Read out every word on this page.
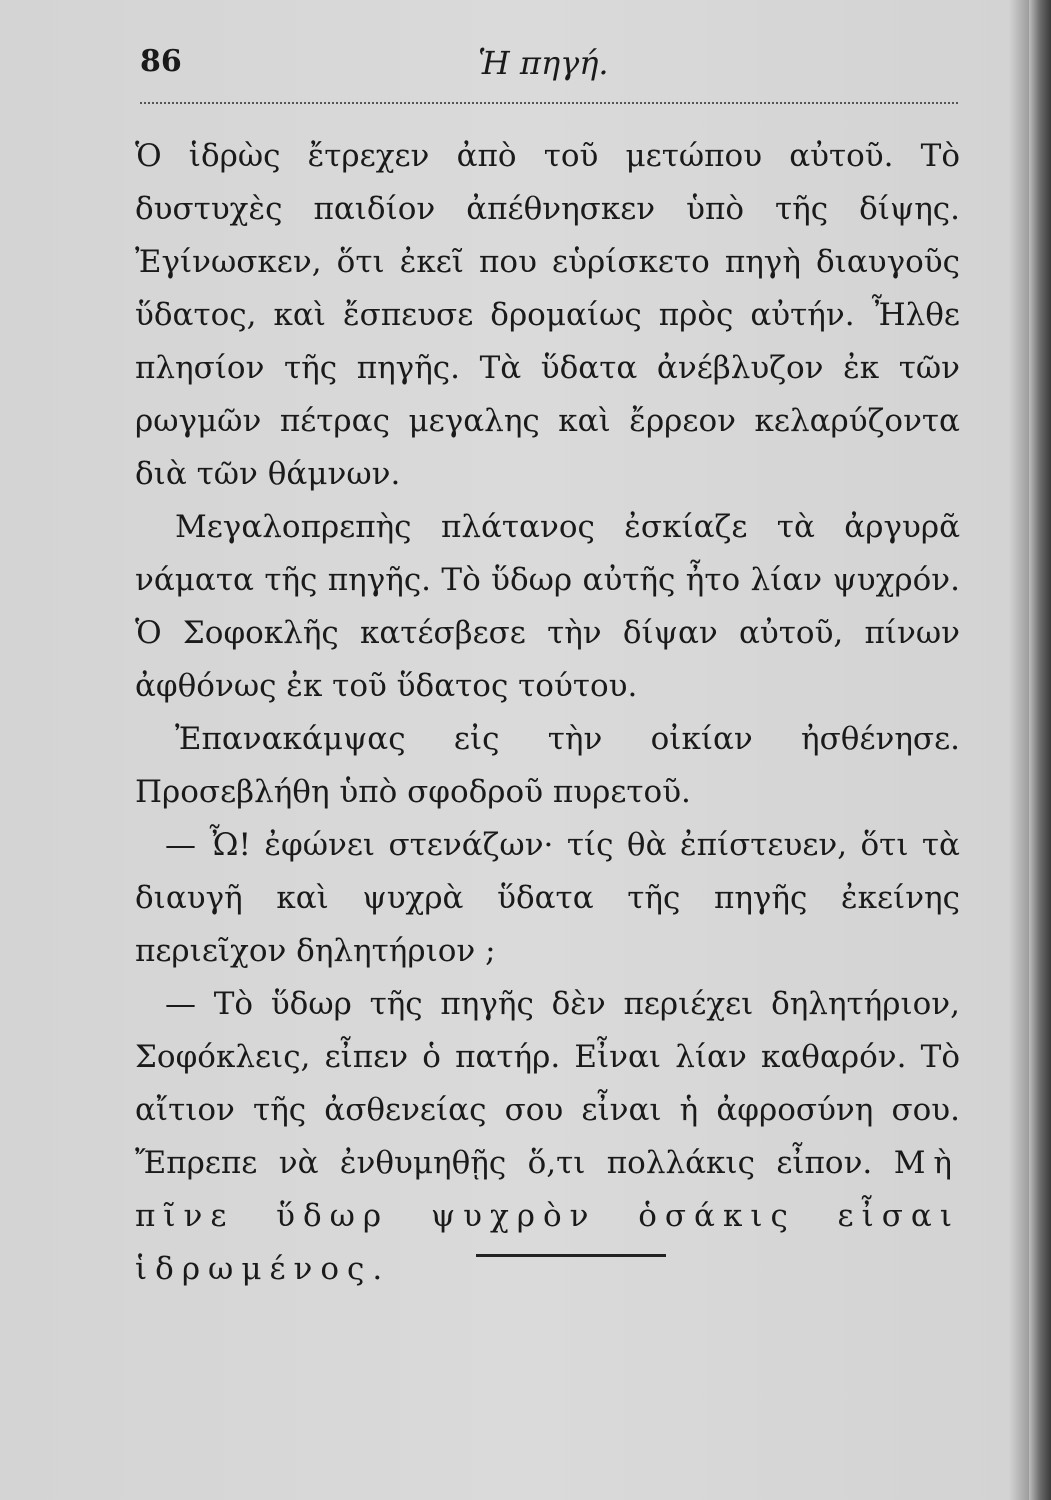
86	Ἡ πηγή.

Ὁ ἱδρὼς ἔτρεχεν ἀπὸ τοῦ μετώπου αὐτοῦ. Τὸ δυστυχὲς παιδίον ἀπέθνησκεν ὑπὸ τῆς δίψης. Ἐγίνωσκεν, ὅτι ἐκεῖ που εὑρίσκετο πηγὴ διαυγοῦς ὕδατος, καὶ ἔσπευσε δρομαίως πρὸς αὐτήν. Ἦλθε πλησίον τῆς πηγῆς. Τὰ ὕδατα ἀνέβλυζον ἐκ τῶν ρωγμῶν πέτρας μεγαλης καὶ ἔρρεον κελαρύζοντα διὰ τῶν θάμνων.

Μεγαλοπρεπὴς πλάτανος ἐσκίαζε τὰ ἀργυρᾶ νάματα τῆς πηγῆς. Τὸ ὕδωρ αὐτῆς ἦτο λίαν ψυχρόν. Ὁ Σοφοκλῆς κατέσβεσε τὴν δίψαν αὐτοῦ, πίνων ἀφθόνως ἐκ τοῦ ὕδατος τούτου.

Ἐπανακάμψας εἰς τὴν οἰκίαν ἠσθένησε. Προσεβλήθη ὑπὸ σφοδροῦ πυρετοῦ.

— Ὦ! ἐφώνει στενάζων· τίς θὰ ἐπίστευεν, ὅτι τὰ διαυγῆ καὶ ψυχρὰ ὕδατα τῆς πηγῆς ἐκείνης περιεῖχον δηλητήριον ;

— Τὸ ὕδωρ τῆς πηγῆς δὲν περιέχει δηλητήριον, Σοφόκλεις, εἶπεν ὁ πατήρ. Εἶναι λίαν καθαρόν. Τὸ αἴτιον τῆς ἀσθενείας σου εἶναι ἡ ἀφροσύνη σου. Ἔπρεπε νὰ ἐνθυμηθῇς ὅ,τι πολλάκις εἶπον. Μὴ πῖνε ὕδωρ ψυχρὸν ὁσάκις εἶσαι ἱδρωμένος.
